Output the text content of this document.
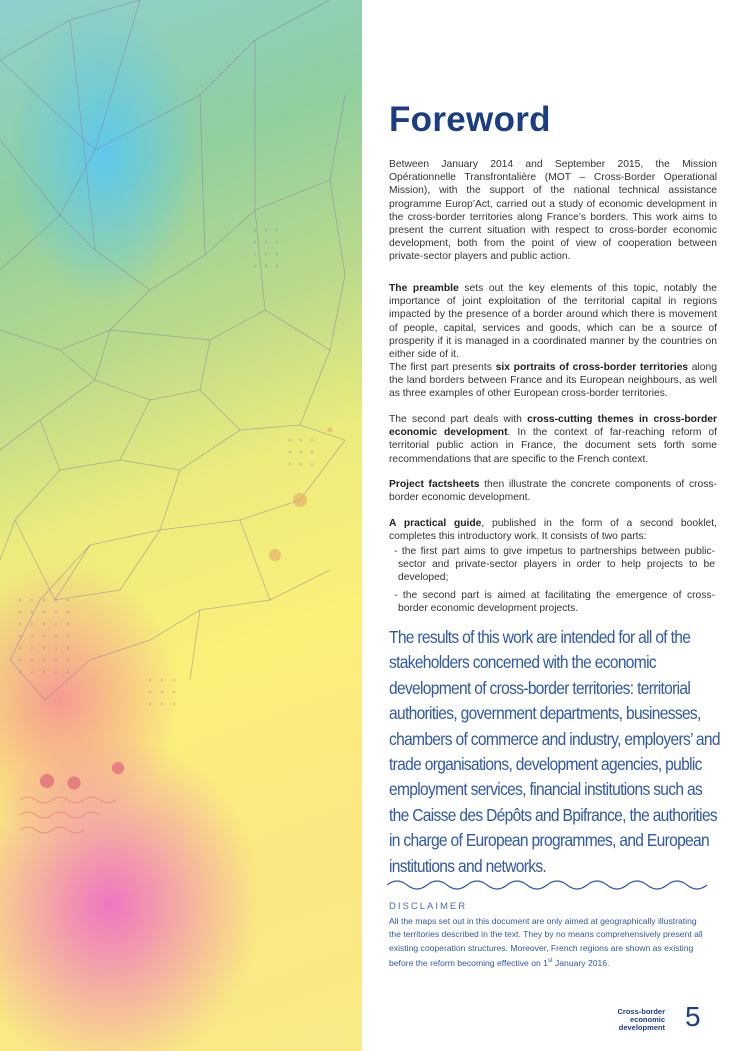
Foreword

Between January 2014 and September 2015, the Mission Opérationnelle Transfrontalière (MOT – Cross-Border Operational Mission), with the support of the national technical assistance programme Europ’Act, carried out a study of economic development in the cross-border territories along France’s borders. This work aims to present the current situation with respect to cross-border economic development, both from the point of view of cooperation between private-sector players and public action.

The preamble sets out the key elements of this topic, notably the importance of joint exploitation of the territorial capital in regions impacted by the presence of a border around which there is movement of people, capital, services and goods, which can be a source of prosperity if it is managed in a coordinated manner by the countries on either side of it.

The first part presents six portraits of cross-border territories along the land borders between France and its European neighbours, as well as three examples of other European cross-border territories.

The second part deals with cross-cutting themes in cross-border economic development. In the context of far-reaching reform of territorial public action in France, the document sets forth some recommendations that are specific to the French context.

Project factsheets then illustrate the concrete components of cross-border economic development.

A practical guide, published in the form of a second booklet, completes this introductory work. It consists of two parts:

- the first part aims to give impetus to partnerships between public-sector and private-sector players in order to help projects to be developed;
- the second part is aimed at facilitating the emergence of cross-border economic development projects.

The results of this work are intended for all of the stakeholders concerned with the economic development of cross-border territories: territorial authorities, government departments, businesses, chambers of commerce and industry, employers’ and trade organisations, development agencies, public employment services, financial institutions such as the Caisse des Dépôts and Bpifrance, the authorities in charge of European programmes, and European institutions and networks.

DISCLAIMER

All the maps set out in this document are only aimed at geographically illustrating the territories described in the text. They by no means comprehensively present all existing cooperation structures. Moreover, French regions are shown as existing before the reform becoming effective on 1st January 2016.

Cross-border
economic
development 5
